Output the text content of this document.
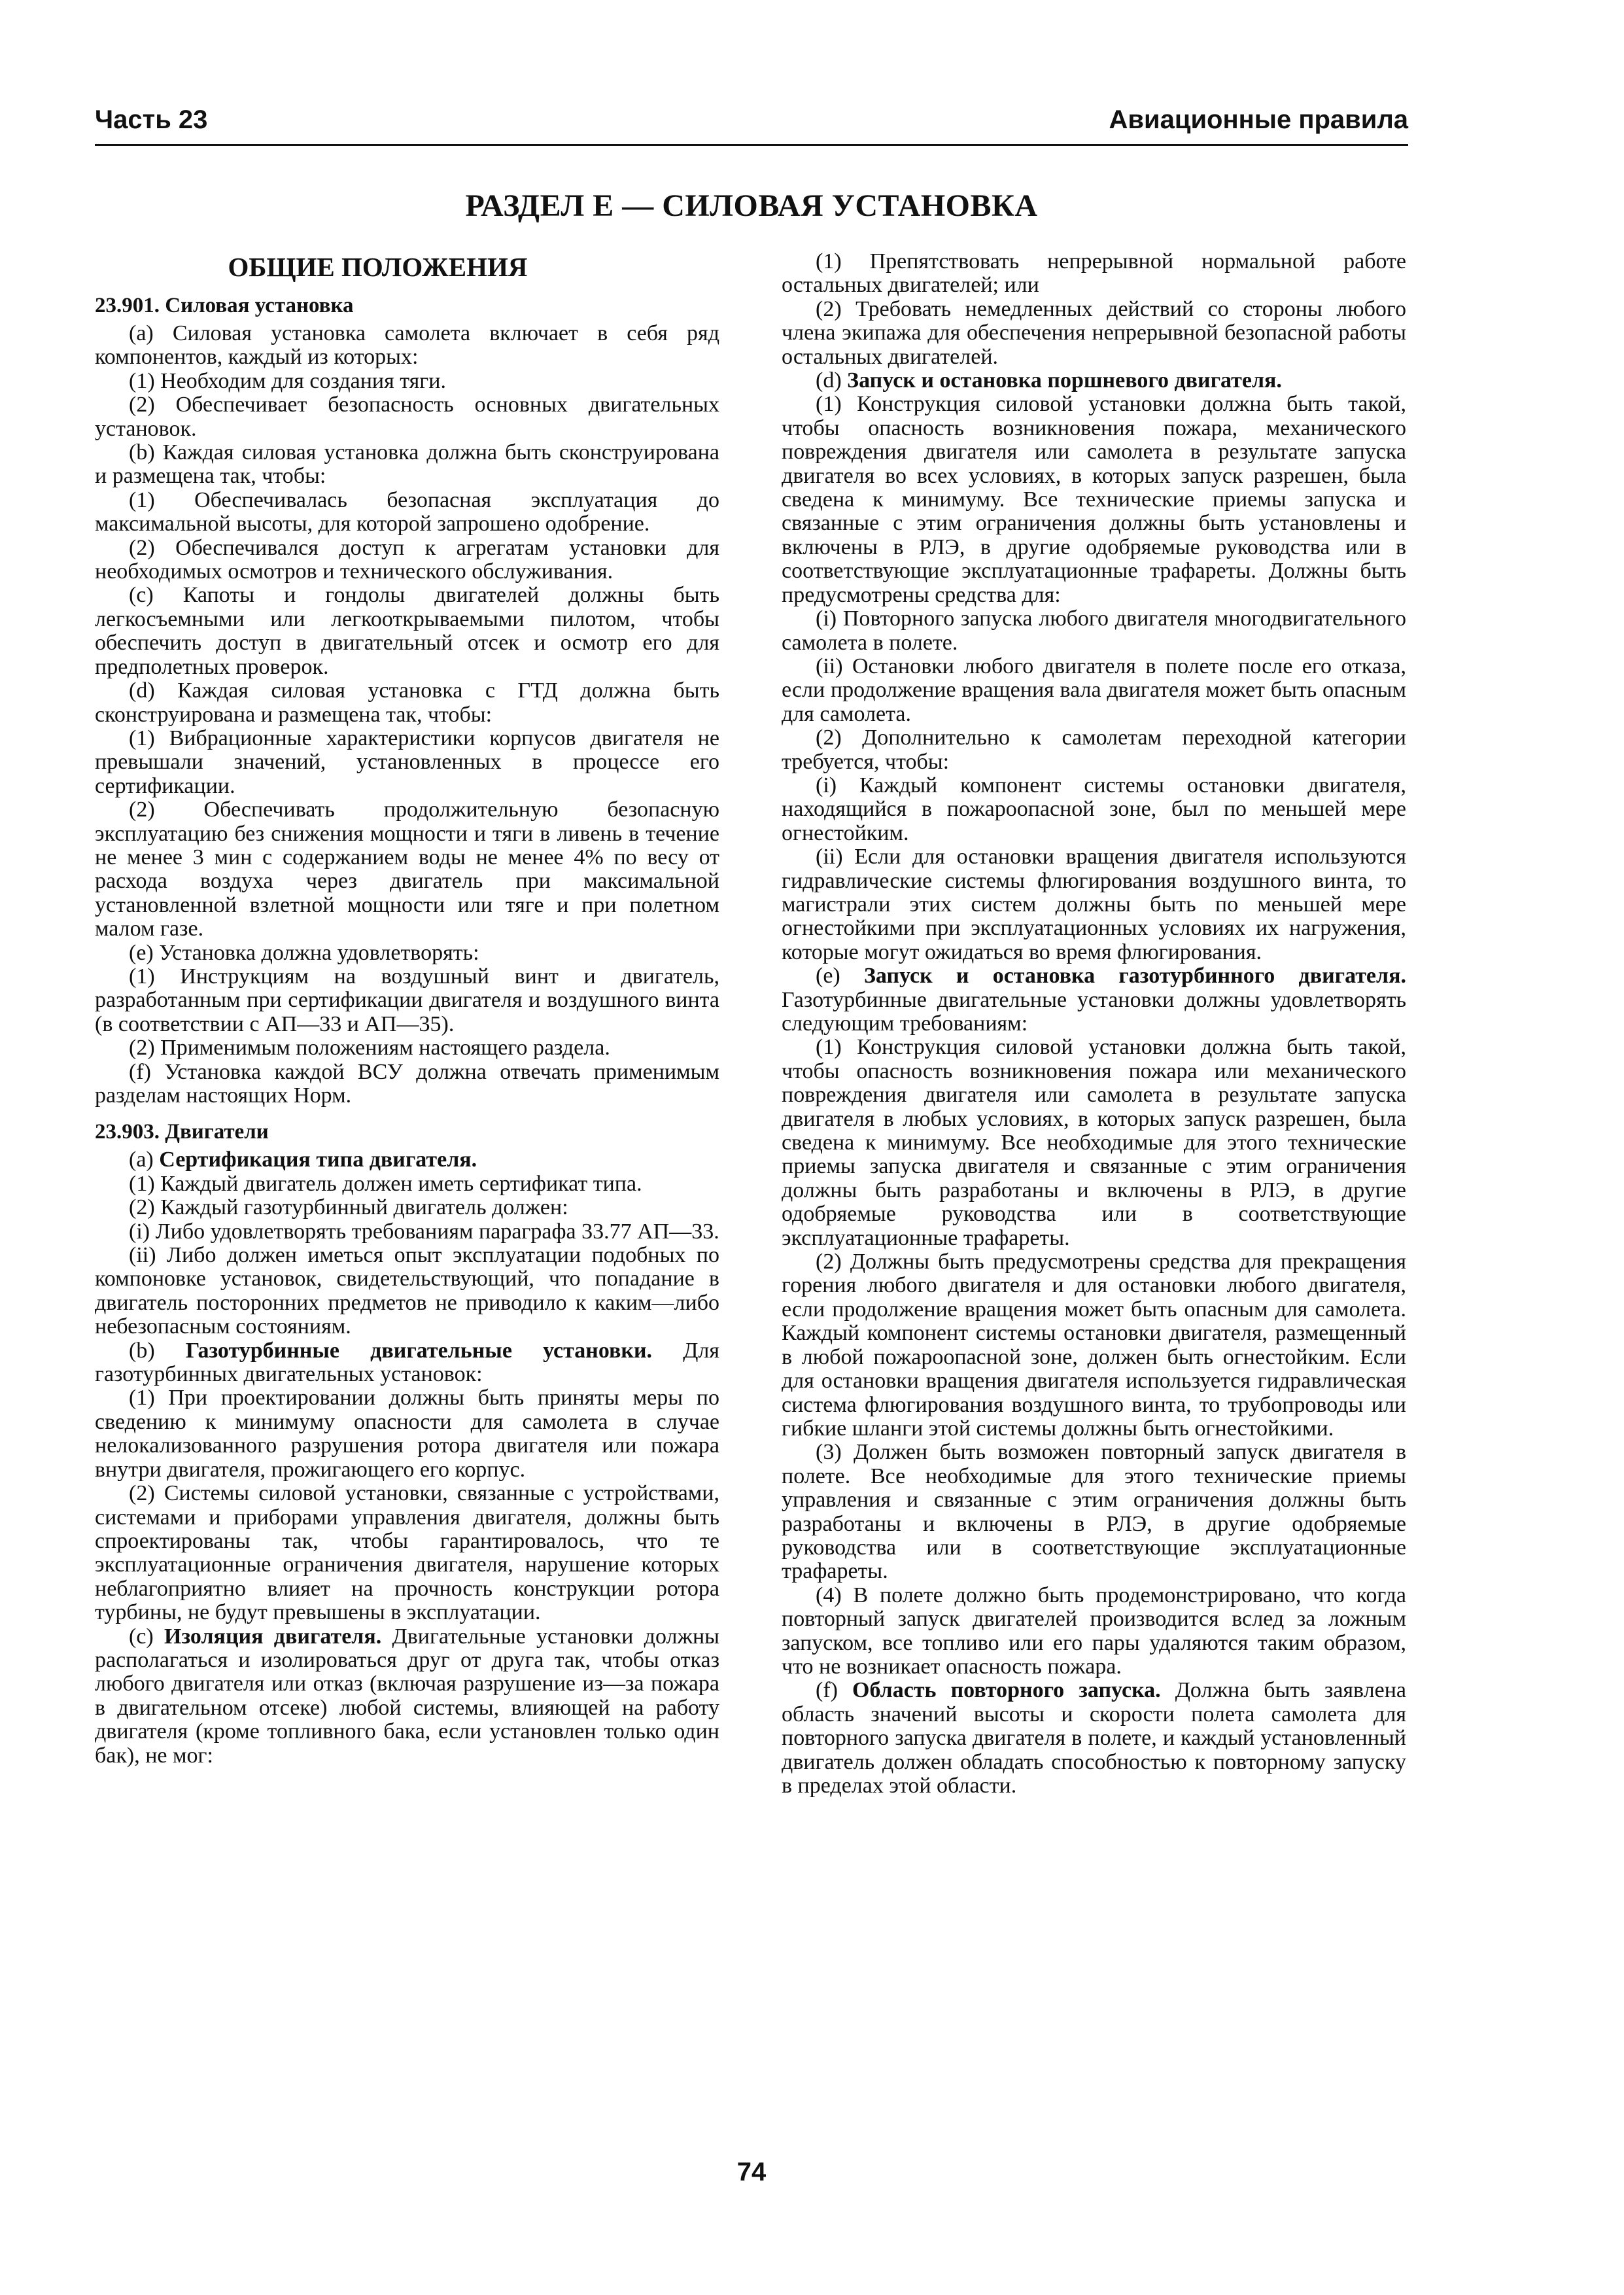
Часть 23	Авиационные правила
РАЗДЕЛ Е — СИЛОВАЯ УСТАНОВКА

ОБЩИЕ ПОЛОЖЕНИЯ

23.901. Силовая установка

(а) Силовая установка самолета включает в себя ряд компонентов, каждый из которых:

(1) Необходим для создания тяги.

(2) Обеспечивает безопасность основных двигательных установок.

(b) Каждая силовая установка должна быть сконструирована и размещена так, чтобы:

(1) Обеспечивалась безопасная эксплуатация до максимальной высоты, для которой запрошено одобрение.

(2) Обеспечивался доступ к агрегатам установки для необходимых осмотров и технического обслуживания.

(с) Капоты и гондолы двигателей должны быть легкосъемными или легкооткрываемыми пилотом, чтобы обеспечить доступ в двигательный отсек и осмотр его для предполетных проверок.

(d) Каждая силовая установка с ГТД должна быть сконструирована и размещена так, чтобы:

(1) Вибрационные характеристики корпусов двигателя не превышали значений, установленных в процессе его сертификации.

(2) Обеспечивать продолжительную безопасную эксплуатацию без снижения мощности и тяги в ливень в течение не менее 3 мин с содержанием воды не менее 4% по весу от расхода воздуха через двигатель при максимальной установленной взлетной мощности или тяге и при полетном малом газе.

(е) Установка должна удовлетворять:

(1) Инструкциям на воздушный винт и двигатель, разработанным при сертификации двигателя и воздушного винта (в соответствии с АП—33 и АП—35).

(2) Применимым положениям настоящего раздела.

(f) Установка каждой ВСУ должна отвечать применимым разделам настоящих Норм.

23.903. Двигатели

(а) Сертификация типа двигателя.

(1) Каждый двигатель должен иметь сертификат типа.

(2) Каждый газотурбинный двигатель должен:

(i) Либо удовлетворять требованиям параграфа 33.77 АП—33.

(ii) Либо должен иметься опыт эксплуатации подобных по компоновке установок, свидетельствующий, что попадание в двигатель посторонних предметов не приводило к каким—либо небезопасным состояниям.

(b) Газотурбинные двигательные установки. Для газотурбинных двигательных установок:

(1) При проектировании должны быть приняты меры по сведению к минимуму опасности для самолета в случае нелокализованного разрушения ротора двигателя или пожара внутри двигателя, прожигающего его корпус.

(2) Системы силовой установки, связанные с устройствами, системами и приборами управления двигателя, должны быть спроектированы так, чтобы гарантировалось, что те эксплуатационные ограничения двигателя, нарушение которых неблагоприятно влияет на прочность конструкции ротора турбины, не будут превышены в эксплуатации.

(с) Изоляция двигателя. Двигательные установки должны располагаться и изолироваться друг от друга так, чтобы отказ любого двигателя или отказ (включая разрушение из—за пожара в двигательном отсеке) любой системы, влияющей на работу двигателя (кроме топливного бака, если установлен только один бак), не мог:

(1) Препятствовать непрерывной нормальной работе остальных двигателей; или

(2) Требовать немедленных действий со стороны любого члена экипажа для обеспечения непрерывной безопасной работы остальных двигателей.

(d) Запуск и остановка поршневого двигателя.

(1) Конструкция силовой установки должна быть такой, чтобы опасность возникновения пожара, механического повреждения двигателя или самолета в результате запуска двигателя во всех условиях, в которых запуск разрешен, была сведена к минимуму. Все технические приемы запуска и связанные с этим ограничения должны быть установлены и включены в РЛЭ, в другие одобряемые руководства или в соответствующие эксплуатационные трафареты. Должны быть предусмотрены средства для:

(i) Повторного запуска любого двигателя многодвигательного самолета в полете.

(ii) Остановки любого двигателя в полете после его отказа, если продолжение вращения вала двигателя может быть опасным для самолета.

(2) Дополнительно к самолетам переходной категории требуется, чтобы:

(i) Каждый компонент системы остановки двигателя, находящийся в пожароопасной зоне, был по меньшей мере огнестойким.

(ii) Если для остановки вращения двигателя используются гидравлические системы флюгирования воздушного винта, то магистрали этих систем должны быть по меньшей мере огнестойкими при эксплуатационных условиях их нагружения, которые могут ожидаться во время флюгирования.

(е) Запуск и остановка газотурбинного двигателя. Газотурбинные двигательные установки должны удовлетворять следующим требованиям:

(1) Конструкция силовой установки должна быть такой, чтобы опасность возникновения пожара или механического повреждения двигателя или самолета в результате запуска двигателя в любых условиях, в которых запуск разрешен, была сведена к минимуму. Все необходимые для этого технические приемы запуска двигателя и связанные с этим ограничения должны быть разработаны и включены в РЛЭ, в другие одобряемые руководства или в соответствующие эксплуатационные трафареты.

(2) Должны быть предусмотрены средства для прекращения горения любого двигателя и для остановки любого двигателя, если продолжение вращения может быть опасным для самолета. Каждый компонент системы остановки двигателя, размещенный в любой пожароопасной зоне, должен быть огнестойким. Если для остановки вращения двигателя используется гидравлическая система флюгирования воздушного винта, то трубопроводы или гибкие шланги этой системы должны быть огнестойкими.

(3) Должен быть возможен повторный запуск двигателя в полете. Все необходимые для этого технические приемы управления и связанные с этим ограничения должны быть разработаны и включены в РЛЭ, в другие одобряемые руководства или в соответствующие эксплуатационные трафареты.

(4) В полете должно быть продемонстрировано, что когда повторный запуск двигателей производится вслед за ложным запуском, все топливо или его пары удаляются таким образом, что не возникает опасность пожара.

(f) Область повторного запуска. Должна быть заявлена область значений высоты и скорости полета самолета для повторного запуска двигателя в полете, и каждый установленный двигатель должен обладать способностью к повторному запуску в пределах этой области.

74
